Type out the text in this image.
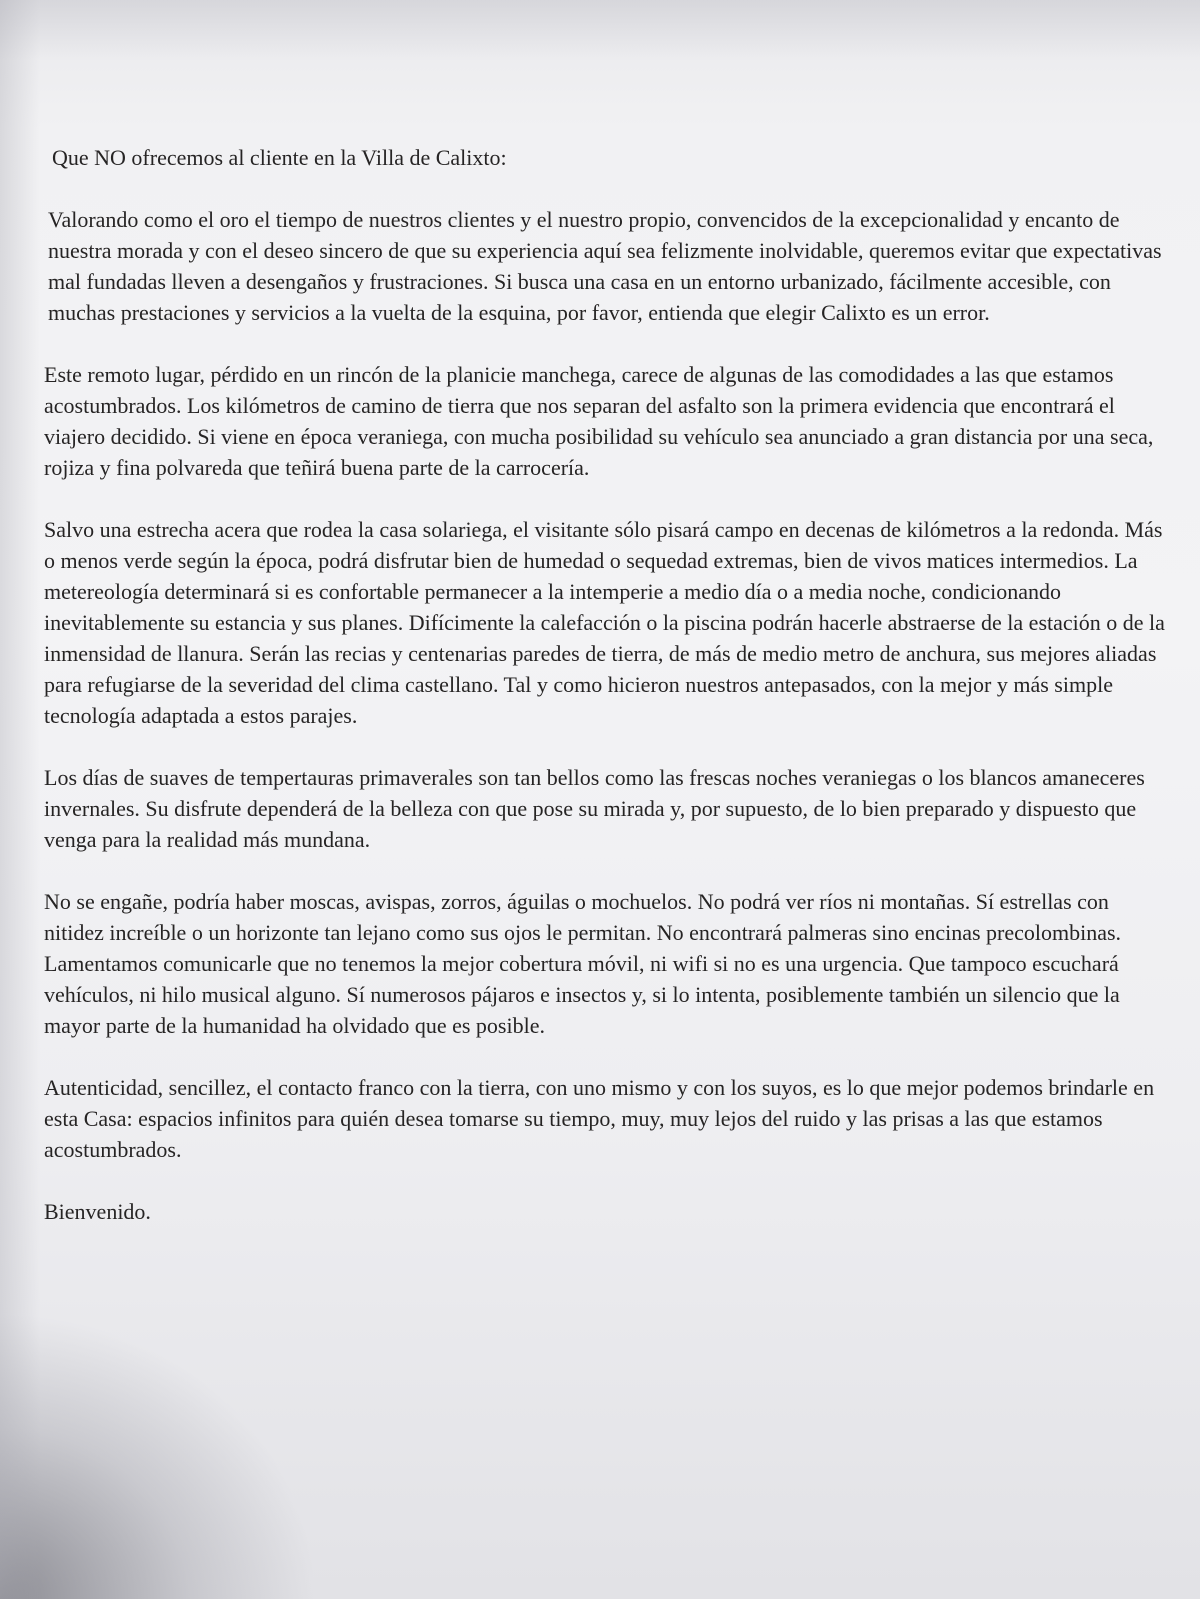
Que NO ofrecemos al cliente en la Villa de Calixto:

Valorando como el oro el tiempo de nuestros clientes y el nuestro propio, convencidos de la excepcionalidad y encanto de nuestra morada y con el deseo sincero de que su experiencia aquí sea felizmente inolvidable, queremos evitar que expectativas mal fundadas lleven a desengaños y frustraciones. Si busca una casa en un entorno urbanizado, fácilmente accesible, con muchas prestaciones y servicios a la vuelta de la esquina, por favor, entienda que elegir Calixto es un error.

Este remoto lugar, pérdido en un rincón de la planicie manchega, carece de algunas de las comodidades a las que estamos acostumbrados. Los kilómetros de camino de tierra que nos separan del asfalto son la primera evidencia que encontrará el viajero decidido. Si viene en época veraniega, con mucha posibilidad su vehículo sea anunciado a gran distancia por una seca, rojiza y fina polvareda que teñirá buena parte de la carrocería.

Salvo una estrecha acera que rodea la casa solariega, el visitante sólo pisará campo en decenas de kilómetros a la redonda. Más o menos verde según la época, podrá disfrutar bien de humedad o sequedad extremas, bien de vivos matices intermedios. La metereología determinará si es confortable permanecer a la intemperie a medio día o a media noche, condicionando inevitablemente su estancia y sus planes. Difícimente la calefacción o la piscina podrán hacerle abstraerse de la estación o de la inmensidad de llanura. Serán las recias y centenarias paredes de tierra, de más de medio metro de anchura, sus mejores aliadas para refugiarse de la severidad del clima castellano. Tal y como hicieron nuestros antepasados, con la mejor y más simple tecnología adaptada a estos parajes.

Los días de suaves de tempertauras primaverales son tan bellos como las frescas noches veraniegas o los blancos amaneceres invernales. Su disfrute dependerá de la belleza con que pose su mirada y, por supuesto, de lo bien preparado y dispuesto que venga para la realidad más mundana.

No se engañe, podría haber moscas, avispas, zorros, águilas o mochuelos. No podrá ver ríos ni montañas. Sí estrellas con nitidez increíble o un horizonte tan lejano como sus ojos le permitan. No encontrará palmeras sino encinas precolombinas.

Lamentamos comunicarle que no tenemos la mejor cobertura móvil, ni wifi si no es una urgencia. Que tampoco escuchará vehículos, ni hilo musical alguno. Sí numerosos pájaros e insectos y, si lo intenta, posiblemente también un silencio que la mayor parte de la humanidad ha olvidado que es posible.

Autenticidad, sencillez, el contacto franco con la tierra, con uno mismo y con los suyos, es lo que mejor podemos brindarle en esta Casa: espacios infinitos para quién desea tomarse su tiempo, muy, muy lejos del ruido y las prisas a las que estamos acostumbrados.

Bienvenido.
